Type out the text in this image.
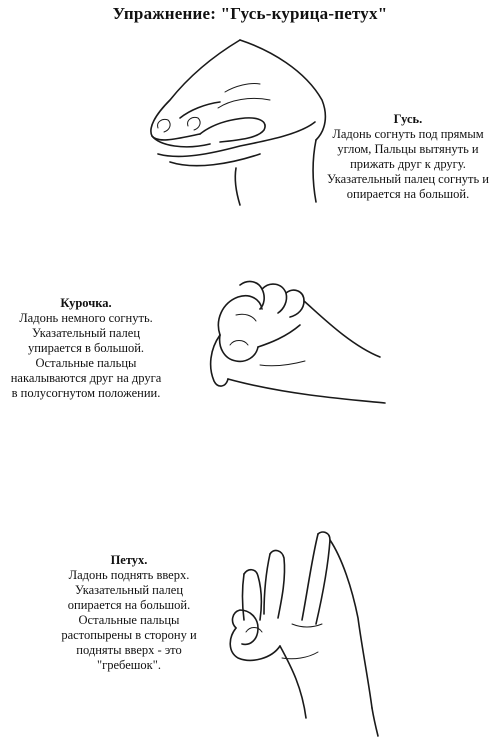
Упражнение: "Гусь-курица-петух"
Гусь.
Ладонь согнуть под прямым
углом, Пальцы вытянуть и
прижать друг к другу.
Указательный палец согнуть и
опирается на большой.
Курочка.
Ладонь немного согнуть.
Указательный палец
упирается в большой.
Остальные пальцы
накалываются друг на друга
в полусогнутом положении.
Петух.
Ладонь поднять вверх.
Указательный палец
опирается на большой.
Остальные пальцы
растопырены в сторону и
подняты вверх - это
"гребешок".
